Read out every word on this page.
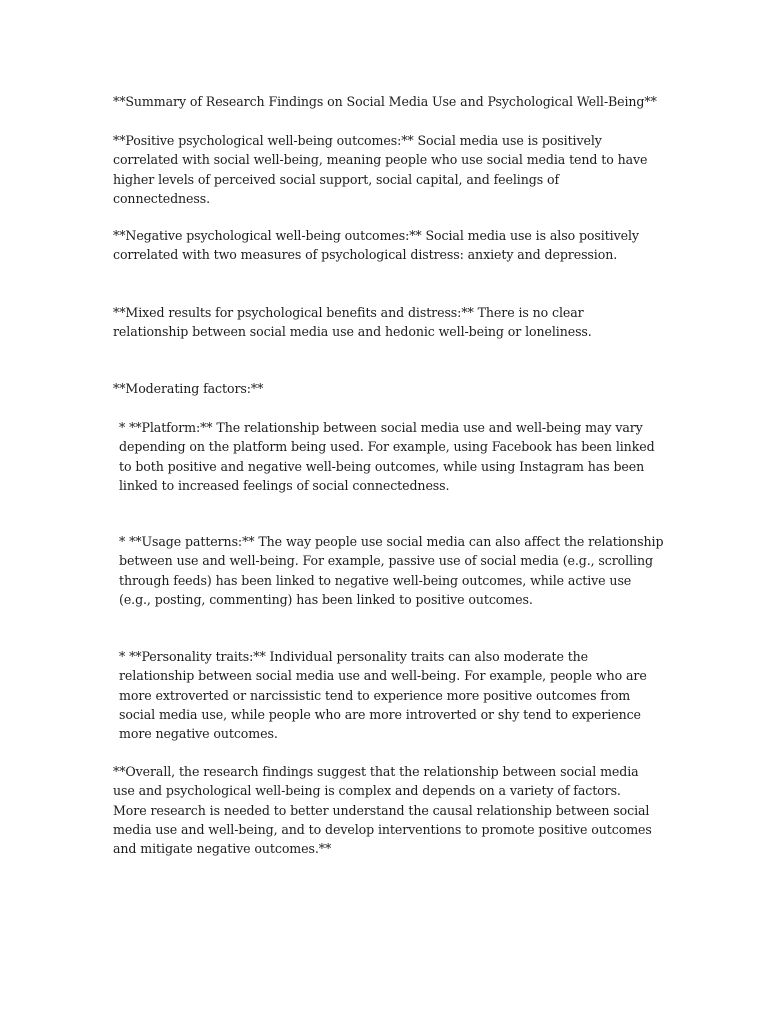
**Summary of Research Findings on Social Media Use and Psychological Well-Being**

**Positive psychological well-being outcomes:** Social media use is positively correlated with social well-being, meaning people who use social media tend to have higher levels of perceived social support, social capital, and feelings of connectedness.

**Negative psychological well-being outcomes:** Social media use is also positively correlated with two measures of psychological distress: anxiety and depression.

**Mixed results for psychological benefits and distress:** There is no clear relationship between social media use and hedonic well-being or loneliness.

**Moderating factors:**

* **Platform:** The relationship between social media use and well-being may vary depending on the platform being used. For example, using Facebook has been linked to both positive and negative well-being outcomes, while using Instagram has been linked to increased feelings of social connectedness.

* **Usage patterns:** The way people use social media can also affect the relationship between use and well-being. For example, passive use of social media (e.g., scrolling through feeds) has been linked to negative well-being outcomes, while active use (e.g., posting, commenting) has been linked to positive outcomes.

* **Personality traits:** Individual personality traits can also moderate the relationship between social media use and well-being. For example, people who are more extroverted or narcissistic tend to experience more positive outcomes from social media use, while people who are more introverted or shy tend to experience more negative outcomes.

**Overall, the research findings suggest that the relationship between social media use and psychological well-being is complex and depends on a variety of factors. More research is needed to better understand the causal relationship between social media use and well-being, and to develop interventions to promote positive outcomes and mitigate negative outcomes.**
